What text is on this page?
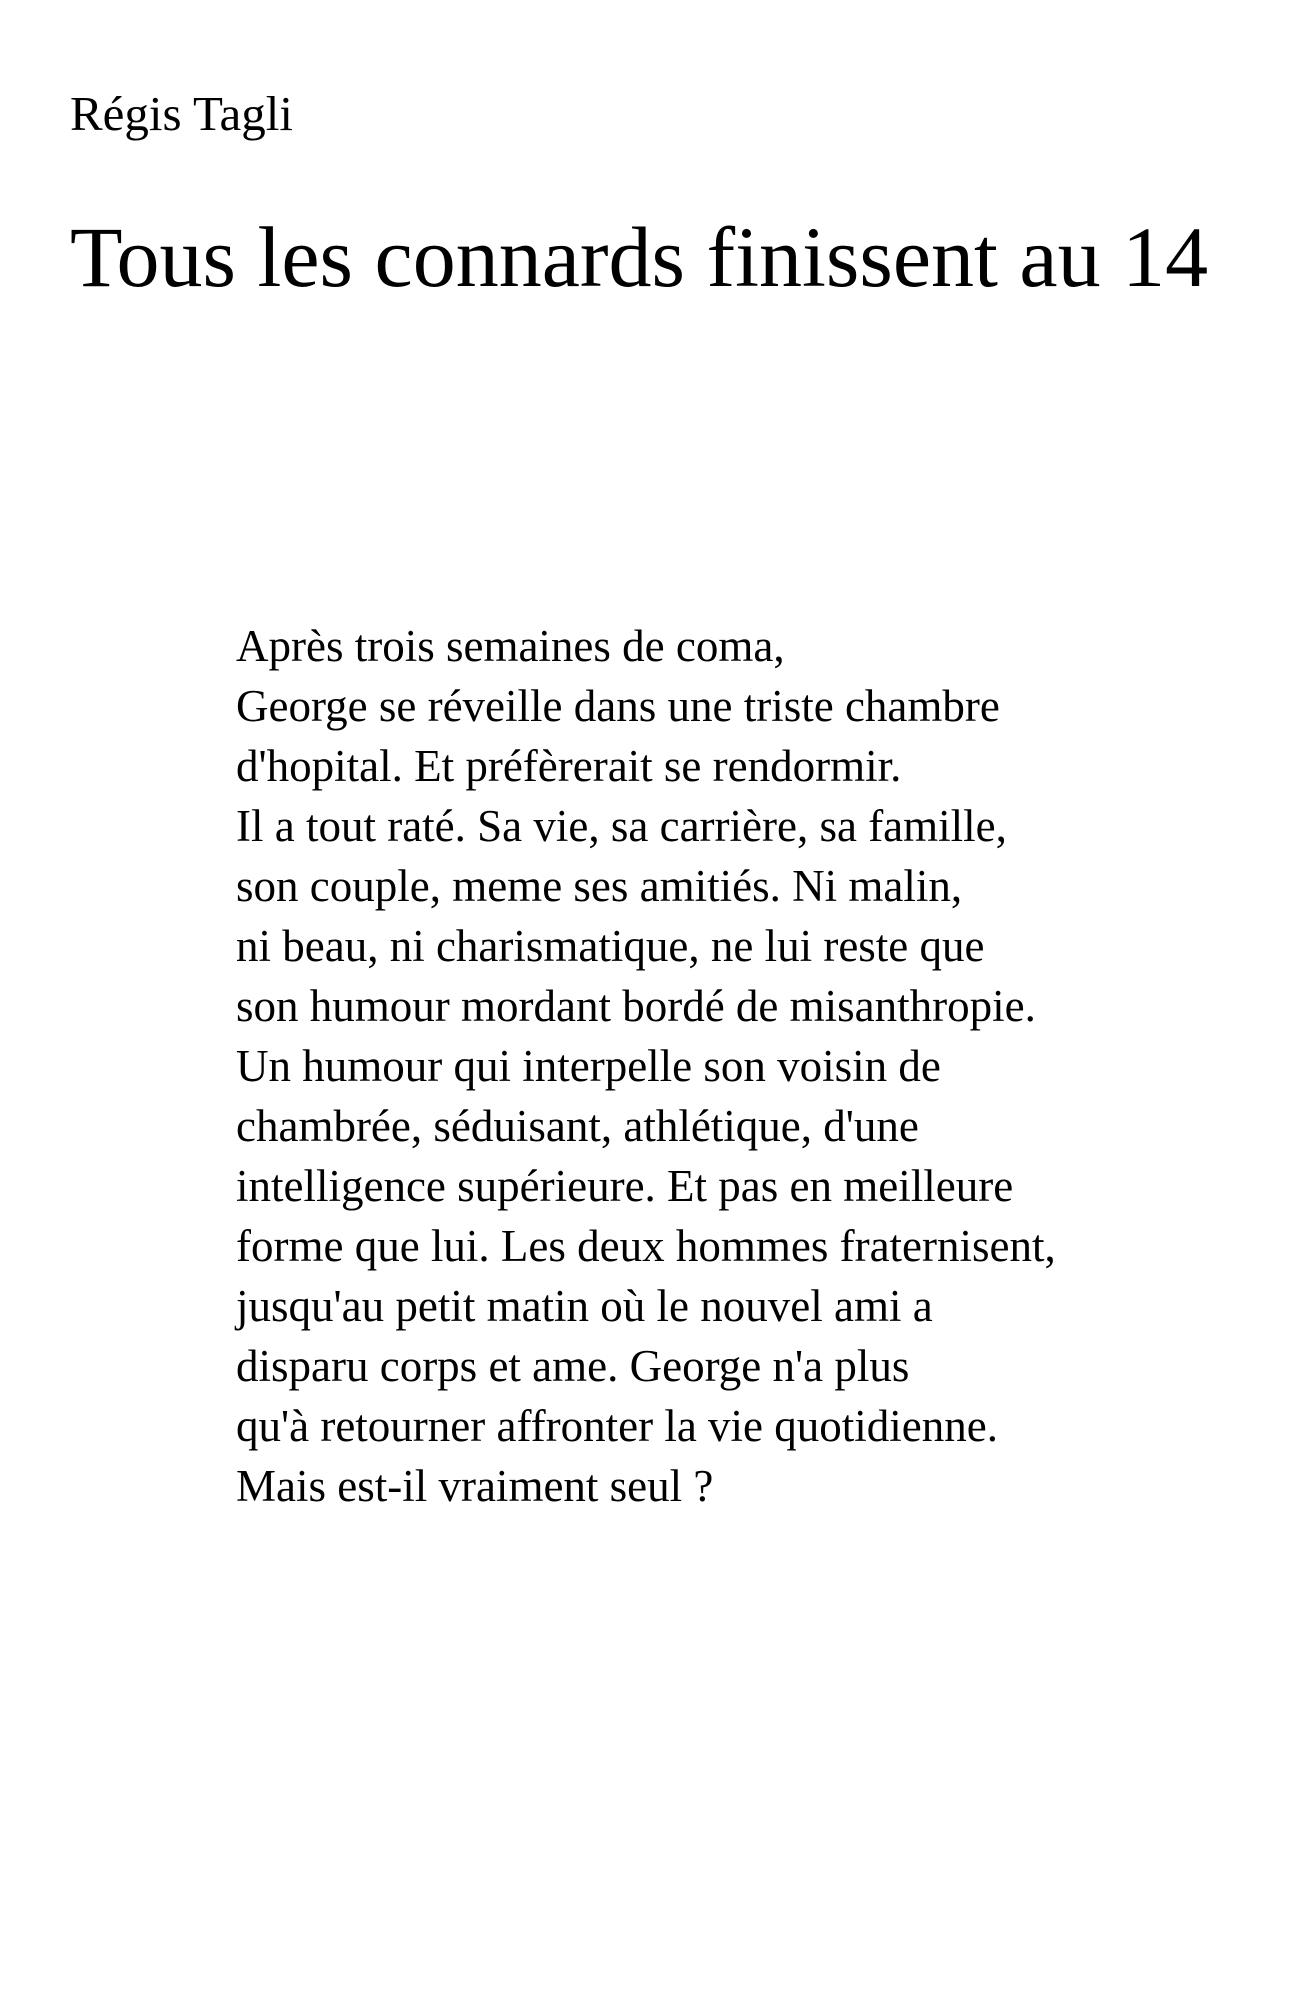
Régis Tagli

Tous les connards finissent au 14
Après trois semaines de coma,
George se réveille dans une triste chambre
d'hopital. Et préfèrerait se rendormir.
Il a tout raté. Sa vie, sa carrière, sa famille,
son couple, meme ses amitiés. Ni malin,
ni beau, ni charismatique, ne lui reste que
son humour mordant bordé de misanthropie.
Un humour qui interpelle son voisin de
chambrée, séduisant, athlétique, d'une
intelligence supérieure. Et pas en meilleure
forme que lui. Les deux hommes fraternisent,
jusqu'au petit matin où le nouvel ami a
disparu corps et ame. George n'a plus
qu'à retourner affronter la vie quotidienne.
Mais est-il vraiment seul ?
